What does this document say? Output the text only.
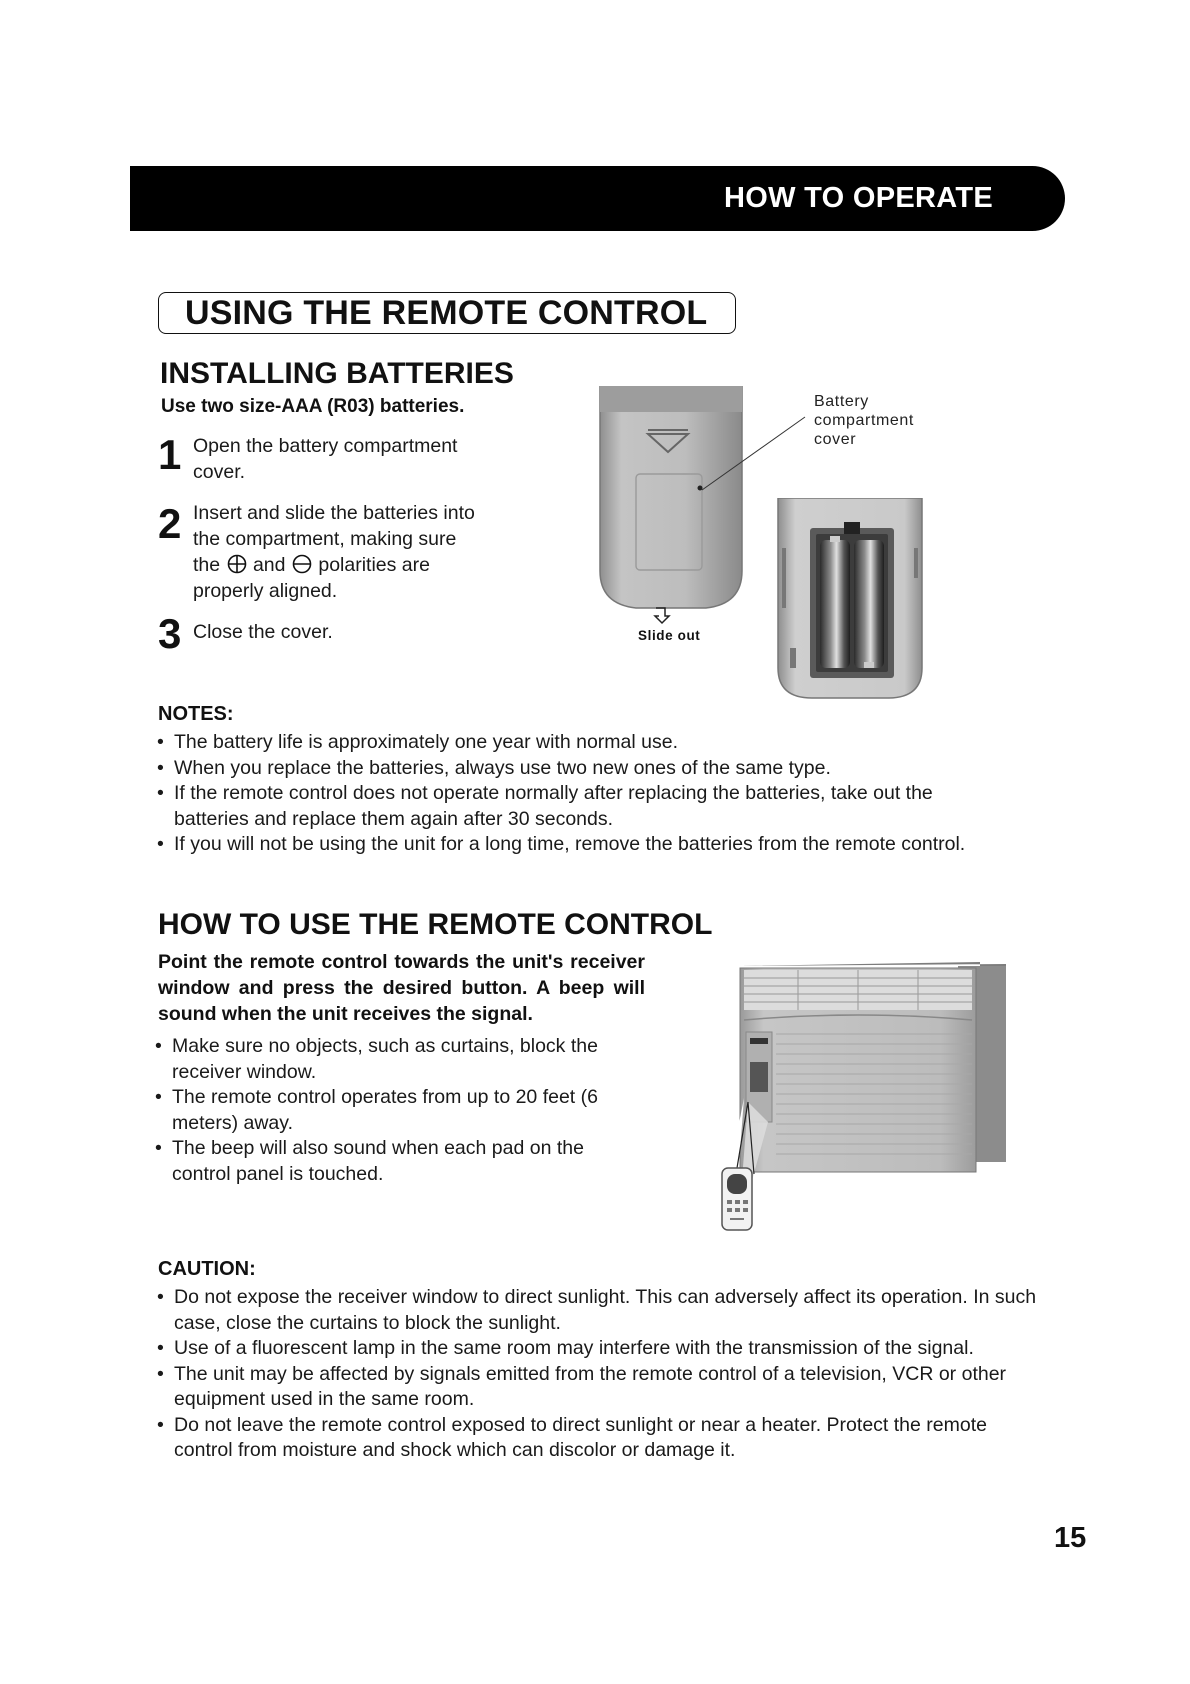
HOW TO OPERATE
USING THE REMOTE CONTROL
INSTALLING BATTERIES
Use two size-AAA (R03) batteries.
1 Open the battery compartment
cover.
2 Insert and slide the batteries into
the compartment, making sure
the and polarities are
properly aligned.
3 Close the cover.	Slide out
Battery
compartment
cover
NOTES:
• The battery life is approximately one year with normal use.
• When you replace the batteries, always use two new ones of the same type.
• If the remote control does not operate normally after replacing the batteries, take out the batteries and replace them again after 30 seconds.
• If you will not be using the unit for a long time, remove the batteries from the remote control.
HOW TO USE THE REMOTE CONTROL
Point the remote control towards the unit's receiver window and press the desired button. A beep will sound when the unit receives the signal.
• Make sure no objects, such as curtains, block the receiver window.
• The remote control operates from up to 20 feet (6 meters) away.
• The beep will also sound when each pad on the control panel is touched.
CAUTION:
• Do not expose the receiver window to direct sunlight. This can adversely affect its operation. In such case, close the curtains to block the sunlight.
• Use of a fluorescent lamp in the same room may interfere with the transmission of the signal.
• The unit may be affected by signals emitted from the remote control of a television, VCR or other equipment used in the same room.
• Do not leave the remote control exposed to direct sunlight or near a heater. Protect the remote control from moisture and shock which can discolor or damage it.
15
